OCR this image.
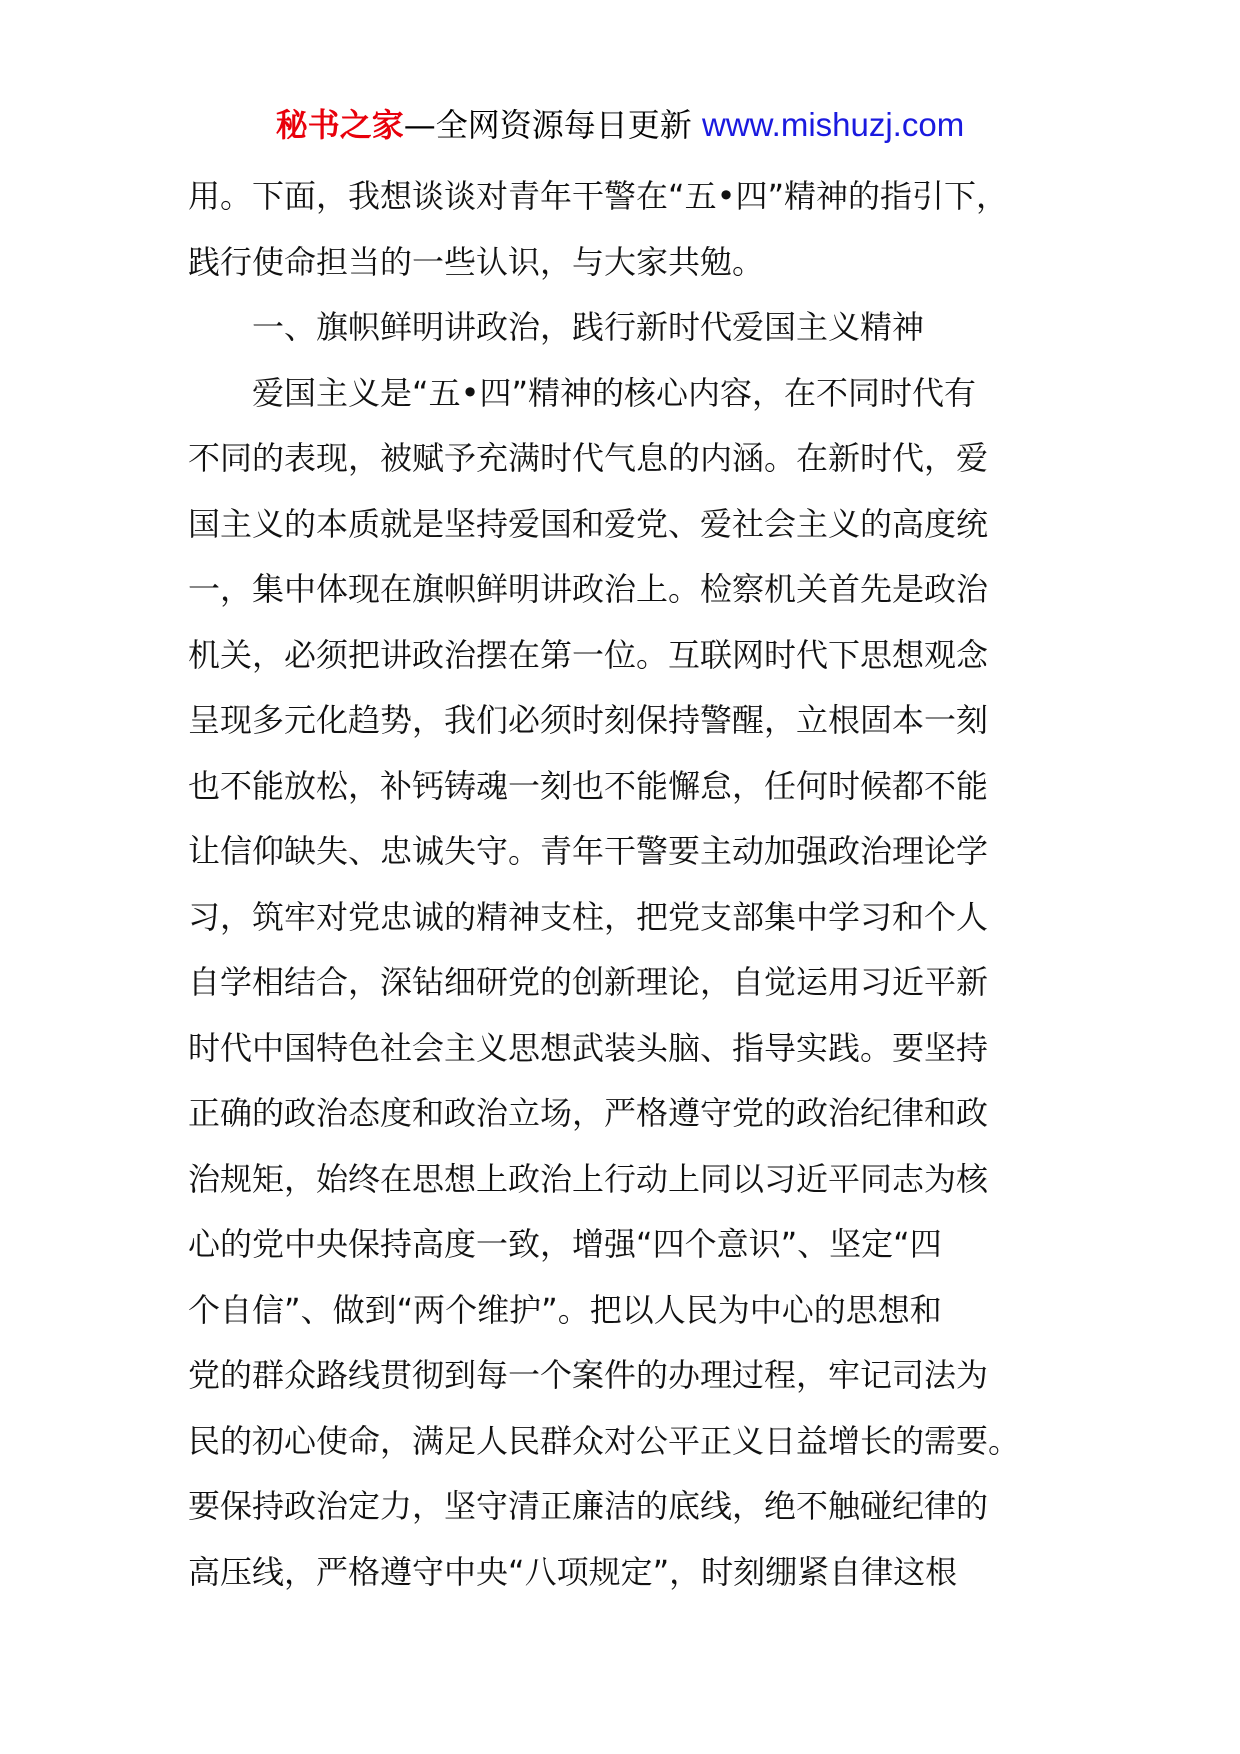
秘书之家—全网资源每日更新 www.mishuzj.com
用。下面，我想谈谈对青年干警在“五•四”精神的指引下，
践行使命担当的一些认识，与大家共勉。
一、旗帜鲜明讲政治，践行新时代爱国主义精神
爱国主义是“五•四”精神的核心内容，在不同时代有
不同的表现，被赋予充满时代气息的内涵。在新时代，爱
国主义的本质就是坚持爱国和爱党、爱社会主义的高度统
一，集中体现在旗帜鲜明讲政治上。检察机关首先是政治
机关，必须把讲政治摆在第一位。互联网时代下思想观念
呈现多元化趋势，我们必须时刻保持警醒，立根固本一刻
也不能放松，补钙铸魂一刻也不能懈怠，任何时候都不能
让信仰缺失、忠诚失守。青年干警要主动加强政治理论学
习，筑牢对党忠诚的精神支柱，把党支部集中学习和个人
自学相结合，深钻细研党的创新理论，自觉运用习近平新
时代中国特色社会主义思想武装头脑、指导实践。要坚持
正确的政治态度和政治立场，严格遵守党的政治纪律和政
治规矩，始终在思想上政治上行动上同以习近平同志为核
心的党中央保持高度一致，增强“四个意识”、坚定“四
个自信”、做到“两个维护”。把以人民为中心的思想和
党的群众路线贯彻到每一个案件的办理过程，牢记司法为
民的初心使命，满足人民群众对公平正义日益增长的需要。
要保持政治定力，坚守清正廉洁的底线，绝不触碰纪律的
高压线，严格遵守中央“八项规定”，时刻绷紧自律这根
